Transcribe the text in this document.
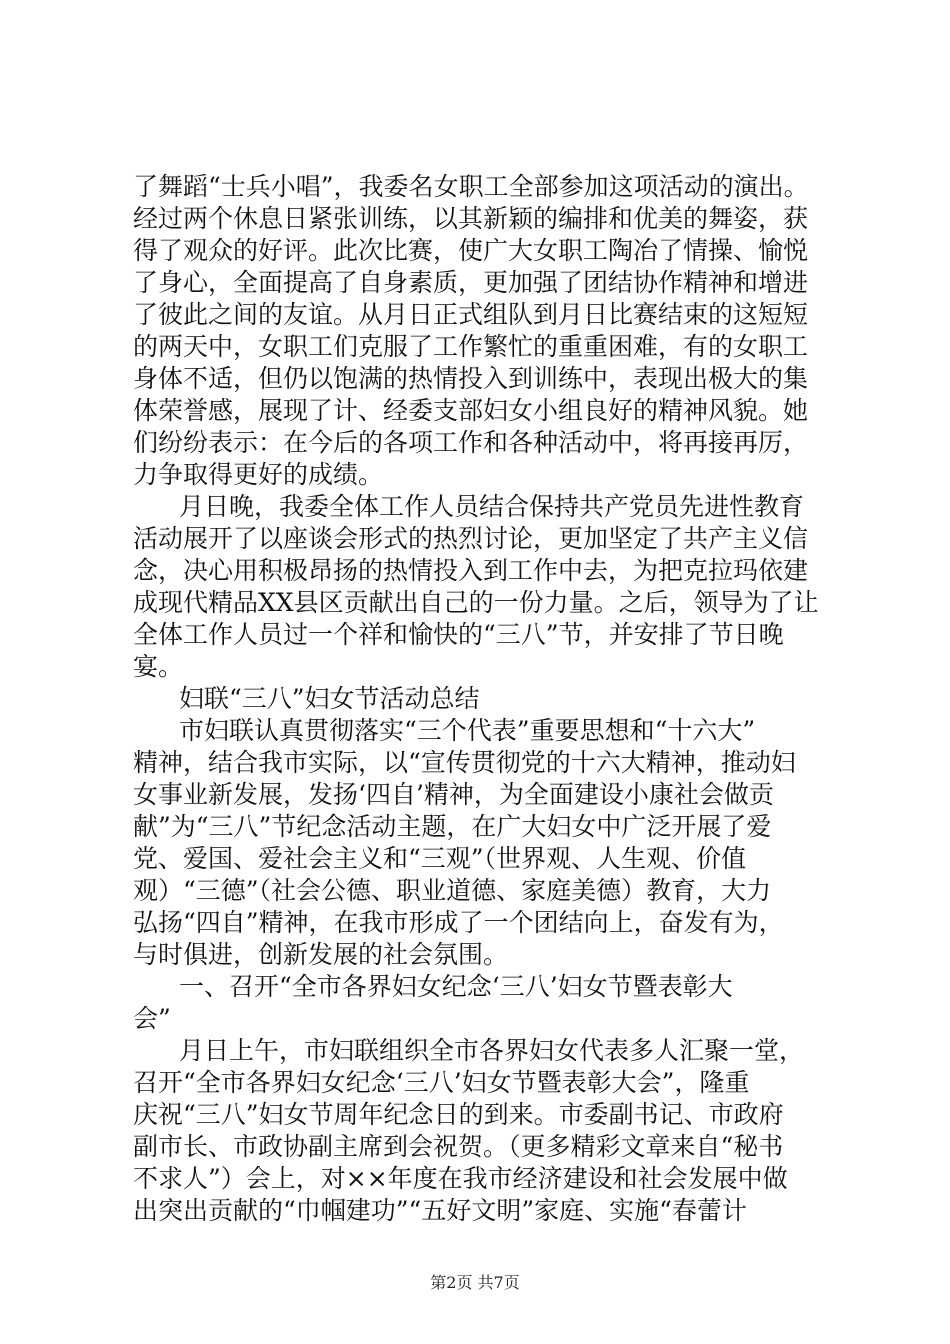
了舞蹈“士兵小唱”，我委名女职工全部参加这项活动的演出。
经过两个休息日紧张训练，以其新颖的编排和优美的舞姿，获
得了观众的好评。此次比赛，使广大女职工陶冶了情操、愉悦
了身心，全面提高了自身素质，更加强了团结协作精神和增进
了彼此之间的友谊。从月日正式组队到月日比赛结束的这短短
的两天中，女职工们克服了工作繁忙的重重困难，有的女职工
身体不适，但仍以饱满的热情投入到训练中，表现出极大的集
体荣誉感，展现了计、经委支部妇女小组良好的精神风貌。她
们纷纷表示：在今后的各项工作和各种活动中，将再接再厉，
力争取得更好的成绩。
月日晚，我委全体工作人员结合保持共产党员先进性教育
活动展开了以座谈会形式的热烈讨论，更加坚定了共产主义信
念，决心用积极昂扬的热情投入到工作中去，为把克拉玛依建
成现代精品XX县区贡献出自己的一份力量。之后，领导为了让
全体工作人员过一个祥和愉快的“三八”节，并安排了节日晚
宴。
妇联“三八”妇女节活动总结
市妇联认真贯彻落实“三个代表”重要思想和“十六大”
精神，结合我市实际，以“宣传贯彻党的十六大精神，推动妇
女事业新发展，发扬‘四自’精神，为全面建设小康社会做贡
献”为“三八”节纪念活动主题，在广大妇女中广泛开展了爱
党、爱国、爱社会主义和“三观”（世界观、人生观、价值
观）“三德”（社会公德、职业道德、家庭美德）教育，大力
弘扬“四自”精神，在我市形成了一个团结向上，奋发有为，
与时俱进，创新发展的社会氛围。
一、召开“全市各界妇女纪念‘三八’妇女节暨表彰大
会”
月日上午，市妇联组织全市各界妇女代表多人汇聚一堂，
召开“全市各界妇女纪念‘三八’妇女节暨表彰大会”，隆重
庆祝“三八”妇女节周年纪念日的到来。市委副书记、市政府
副市长、市政协副主席到会祝贺。（更多精彩文章来自“秘书
不求人”）会上，对××年度在我市经济建设和社会发展中做
出突出贡献的“巾帼建功”“五好文明”家庭、实施“春蕾计
第2页 共7页
